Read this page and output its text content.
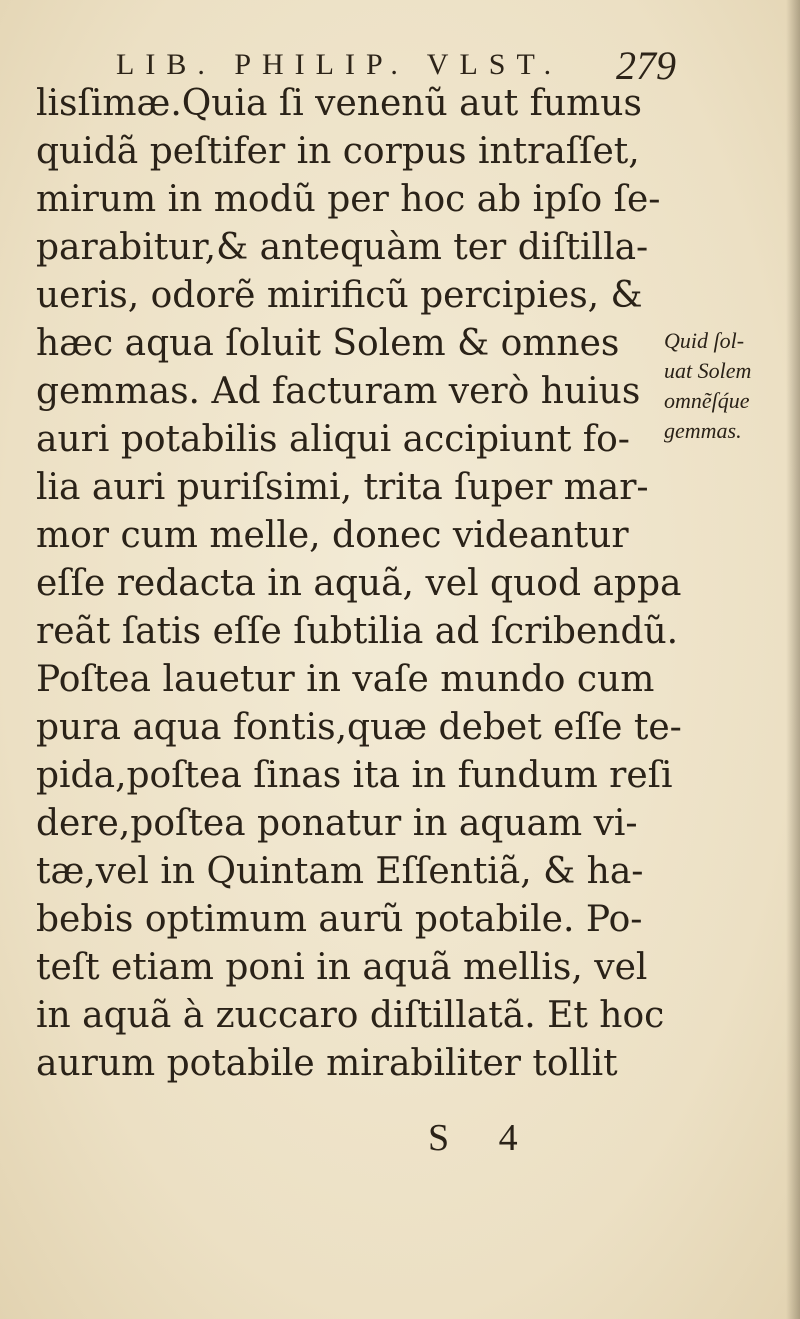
LIB. PHILIP. VLST. 279
lisſimæ.Quia ſi venenũ aut fumus
quidã peſtifer in corpus intraſſet,
mirum in modũ per hoc ab ipſo ſe-
parabitur,& antequàm ter diſtilla-
ueris, odorẽ mirificũ percipies, &
hæc aqua ſoluit Solem & omnes
gemmas. Ad facturam verò huius
auri potabilis aliqui accipiunt fo-
lia auri puriſsimi, trita ſuper mar-
mor cum melle, donec videantur
eſſe redacta in aquã, vel quod appa
reãt ſatis eſſe ſubtilia ad ſcribendũ.
Poſtea lauetur in vaſe mundo cum
pura aqua fontis,quæ debet eſſe te-
pida,poſtea ſinas ita in fundum reſi
dere,poſtea ponatur in aquam vi-
tæ,vel in Quintam Eſſentiã, & ha-
bebis optimum aurũ potabile. Po-
teſt etiam poni in aquã mellis, vel
in aquã à zuccaro diſtillatã. Et hoc
aurum potabile mirabiliter tollit
Quid ſol-
uat Solem
omnẽſq́ue
gemmas.
S 4
